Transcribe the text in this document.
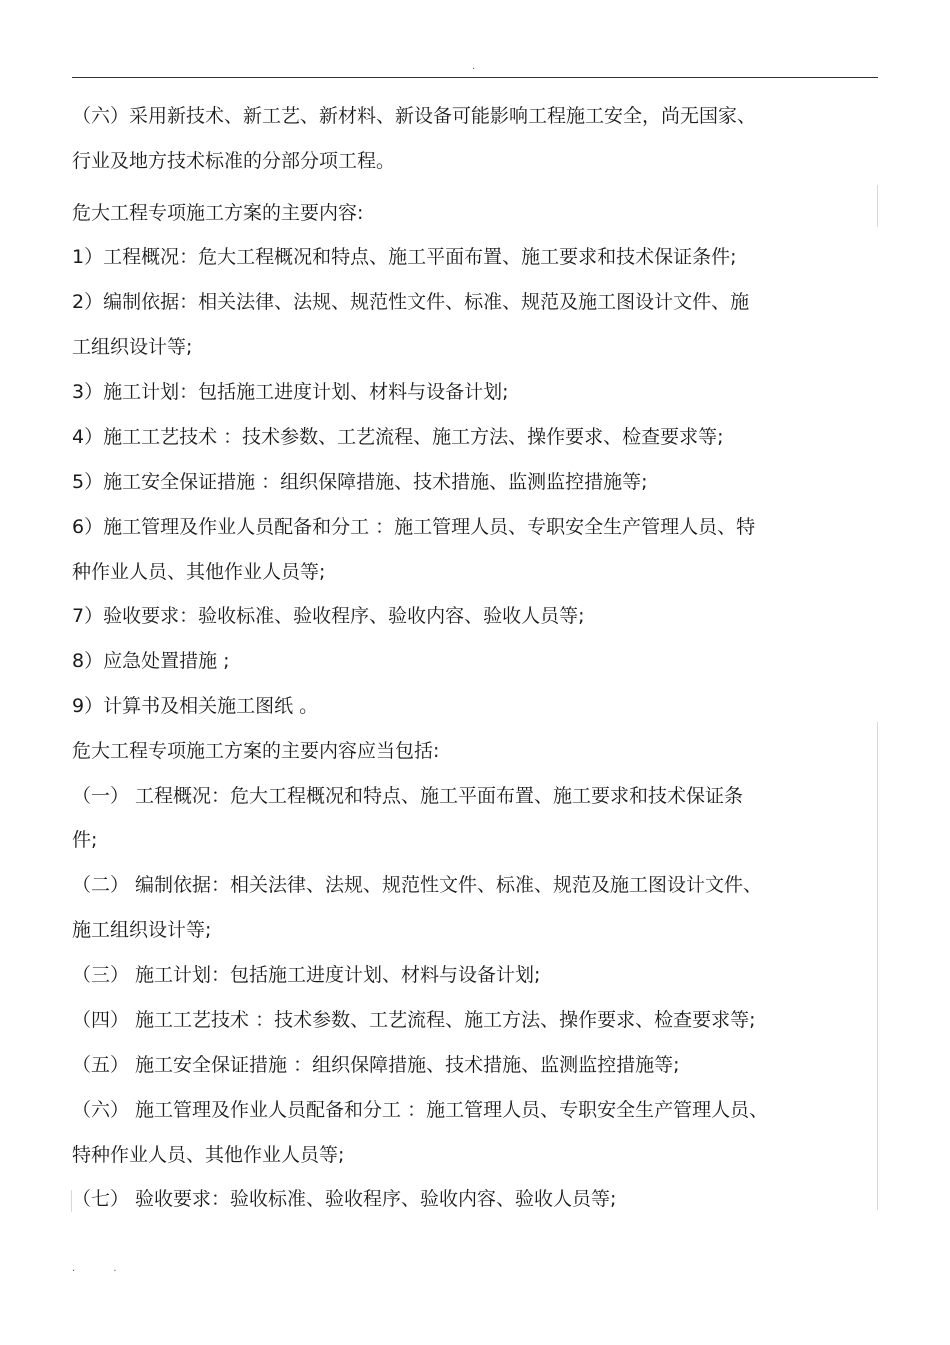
.
（六）采用新技术、新工艺、新材料、新设备可能影响工程施工安全，尚无国家、
行业及地方技术标准的分部分项工程。
危大工程专项施工方案的主要内容:
1）工程概况：危大工程概况和特点、施工平面布置、施工要求和技术保证条件;
2）编制依据：相关法律、法规、规范性文件、标准、规范及施工图设计文件、施
工组织设计等;
3）施工计划：包括施工进度计划、材料与设备计划;
4）施工工艺技术 ：技术参数、工艺流程、施工方法、操作要求、检查要求等;
5）施工安全保证措施 ：组织保障措施、技术措施、监测监控措施等;
6）施工管理及作业人员配备和分工 ：施工管理人员、专职安全生产管理人员、特
种作业人员、其他作业人员等;
7）验收要求：验收标准、验收程序、验收内容、验收人员等;
8）应急处置措施 ;
9）计算书及相关施工图纸 。
危大工程专项施工方案的主要内容应当包括:
（一） 工程概况：危大工程概况和特点、施工平面布置、施工要求和技术保证条
件;
（二） 编制依据：相关法律、法规、规范性文件、标准、规范及施工图设计文件、
施工组织设计等;
（三） 施工计划：包括施工进度计划、材料与设备计划;
（四） 施工工艺技术 ：技术参数、工艺流程、施工方法、操作要求、检查要求等;
（五） 施工安全保证措施 ：组织保障措施、技术措施、监测监控措施等;
（六） 施工管理及作业人员配备和分工 ：施工管理人员、专职安全生产管理人员、
特种作业人员、其他作业人员等;
（七） 验收要求：验收标准、验收程序、验收内容、验收人员等;
.            .
